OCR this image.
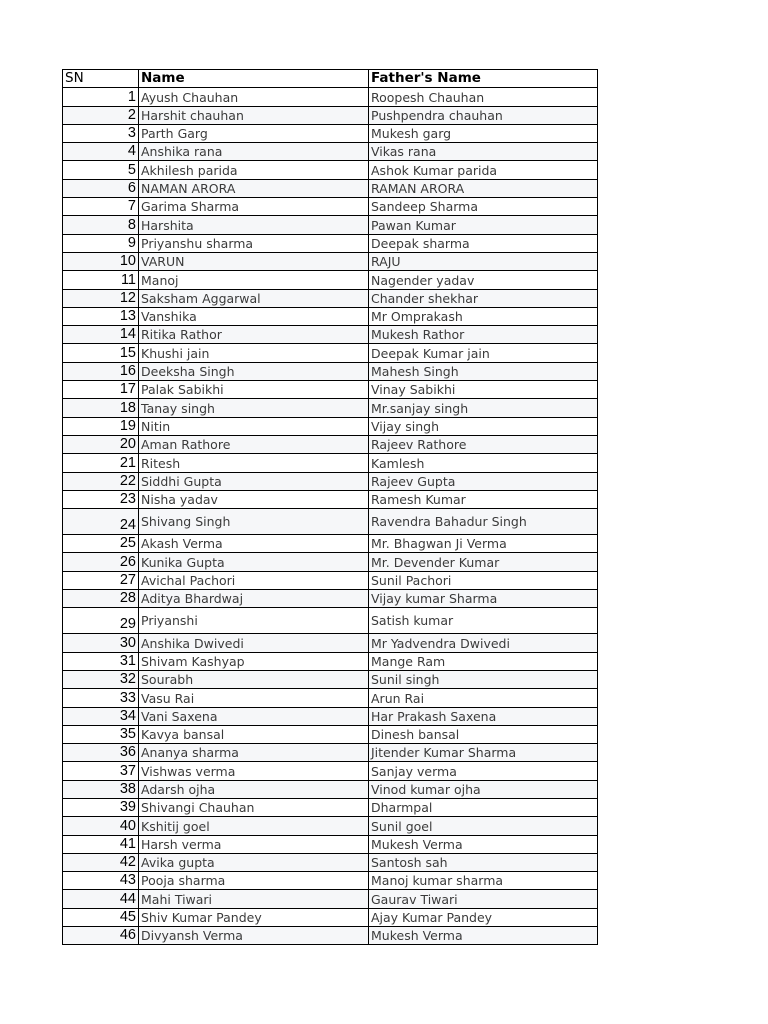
SN	Name	Father's Name
1	Ayush Chauhan	Roopesh Chauhan
2	Harshit chauhan	Pushpendra chauhan
3	Parth Garg	Mukesh garg
4	Anshika rana	Vikas rana
5	Akhilesh parida	Ashok Kumar parida
6	NAMAN ARORA	RAMAN ARORA
7	Garima Sharma	Sandeep Sharma
8	Harshita	Pawan Kumar
9	Priyanshu sharma	Deepak sharma
10	VARUN	RAJU
11	Manoj	Nagender yadav
12	Saksham Aggarwal	Chander shekhar
13	Vanshika	Mr Omprakash
14	Ritika Rathor	Mukesh Rathor
15	Khushi jain	Deepak Kumar jain
16	Deeksha Singh	Mahesh Singh
17	Palak Sabikhi	Vinay Sabikhi
18	Tanay singh	Mr.sanjay singh
19	Nitin	Vijay singh
20	Aman Rathore	Rajeev Rathore
21	Ritesh	Kamlesh
22	Siddhi Gupta	Rajeev Gupta
23	Nisha yadav	Ramesh Kumar
24	Shivang Singh	Ravendra Bahadur Singh
25	Akash Verma	Mr. Bhagwan Ji Verma
26	Kunika Gupta	Mr. Devender Kumar
27	Avichal Pachori	Sunil Pachori
28	Aditya Bhardwaj	Vijay kumar Sharma
29	Priyanshi	Satish kumar
30	Anshika Dwivedi	Mr Yadvendra Dwivedi
31	Shivam Kashyap	Mange Ram
32	Sourabh	Sunil singh
33	Vasu Rai	Arun Rai
34	Vani Saxena	Har Prakash Saxena
35	Kavya bansal	Dinesh bansal
36	Ananya sharma	Jitender Kumar Sharma
37	Vishwas verma	Sanjay verma
38	Adarsh ojha	Vinod kumar ojha
39	Shivangi Chauhan	Dharmpal
40	Kshitij goel	Sunil goel
41	Harsh verma	Mukesh Verma
42	Avika gupta	Santosh sah
43	Pooja sharma	Manoj kumar sharma
44	Mahi Tiwari	Gaurav Tiwari
45	Shiv Kumar Pandey	Ajay Kumar Pandey
46	Divyansh Verma	Mukesh Verma
